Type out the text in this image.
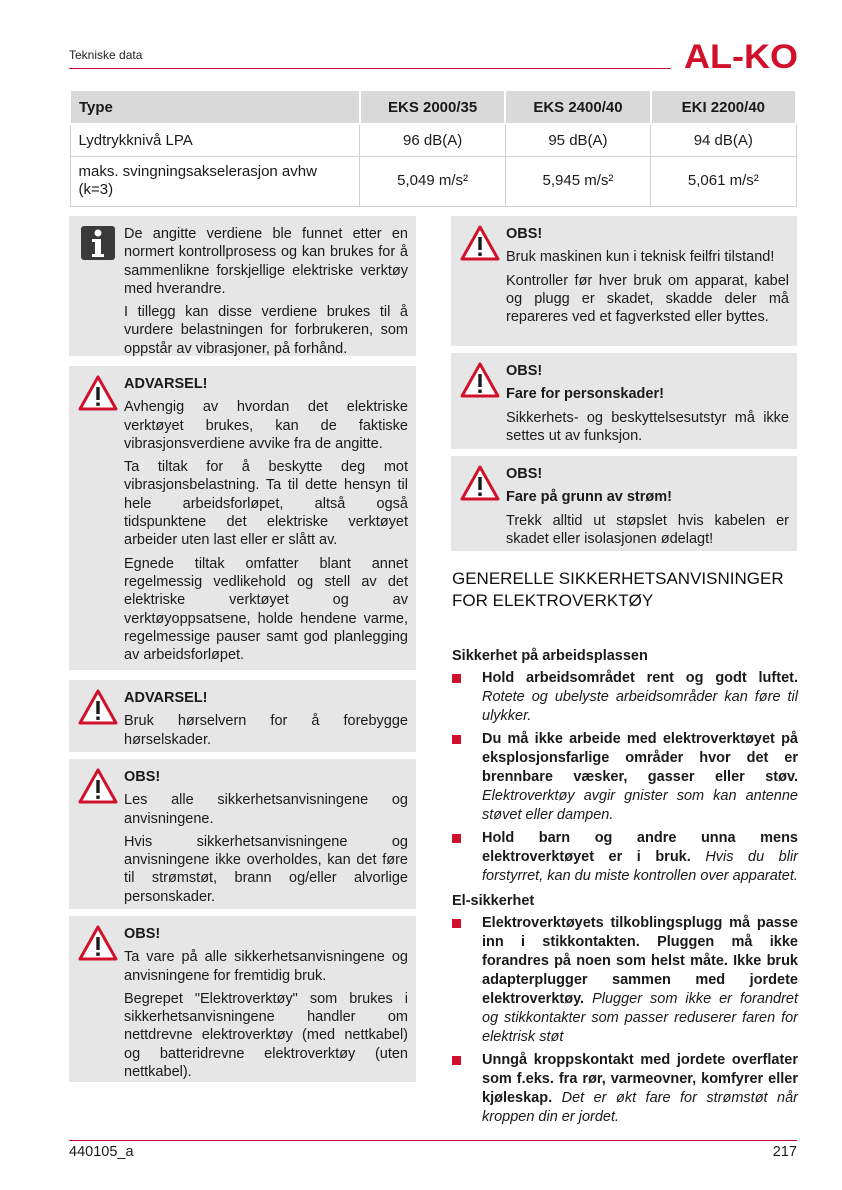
Tekniske data	AL-KO
Type	EKS 2000/35	EKS 2400/40	EKI 2200/40
Lydtrykknivå LPA	96 dB(A)	95 dB(A)	94 dB(A)
maks. svingningsakselerasjon avhw (k=3)	5,049 m/s²	5,945 m/s²	5,061 m/s²

De angitte verdiene ble funnet etter en normert kontrollprosess og kan brukes for å sammenlikne forskjellige elektriske verktøy med hverandre.

I tillegg kan disse verdiene brukes til å vurdere belastningen for forbrukeren, som oppstår av vibrasjoner, på forhånd.

ADVARSEL!

Avhengig av hvordan det elektriske verktøyet brukes, kan de faktiske vibrasjonsverdiene avvike fra de angitte.

Ta tiltak for å beskytte deg mot vibrasjonsbelastning. Ta til dette hensyn til hele arbeidsforløpet, altså også tidspunktene det elektriske verktøyet arbeider uten last eller er slått av.

Egnede tiltak omfatter blant annet regelmessig vedlikehold og stell av det elektriske verktøyet og av verktøyoppsatsene, holde hendene varme, regelmessige pauser samt god planlegging av arbeidsforløpet.

ADVARSEL!

Bruk hørselvern for å forebygge hørselskader.

OBS!

Les alle sikkerhetsanvisningene og anvisningene.

Hvis sikkerhetsanvisningene og anvisningene ikke overholdes, kan det føre til strømstøt, brann og/eller alvorlige personskader.

OBS!

Ta vare på alle sikkerhetsanvisningene og anvisningene for fremtidig bruk.

Begrepet "Elektroverktøy" som brukes i sikkerhetsanvisningene handler om nettdrevne elektroverktøy (med nettkabel) og batteridrevne elektroverktøy (uten nettkabel).

OBS!

Bruk maskinen kun i teknisk feilfri tilstand!

Kontroller før hver bruk om apparat, kabel og plugg er skadet, skadde deler må repareres ved et fagverksted eller byttes.

OBS!

Fare for personskader!

Sikkerhets- og beskyttelsesutstyr må ikke settes ut av funksjon.

OBS!

Fare på grunn av strøm!

Trekk alltid ut støpslet hvis kabelen er skadet eller isolasjonen ødelagt!

GENERELLE SIKKERHETSANVISNINGER FOR ELEKTROVERKTØY
Sikkerhet på arbeidsplassen
Hold arbeidsområdet rent og godt luftet. Rotete og ubelyste arbeidsområder kan føre til ulykker.
Du må ikke arbeide med elektroverktøyet på eksplosjonsfarlige områder hvor det er brennbare væsker, gasser eller støv. Elektroverktøy avgir gnister som kan antenne støvet eller dampen.
Hold barn og andre unna mens elektroverktøyet er i bruk. Hvis du blir forstyrret, kan du miste kontrollen over apparatet.
El-sikkerhet
Elektroverktøyets tilkoblingsplugg må passe inn i stikkontakten. Pluggen må ikke forandres på noen som helst måte. Ikke bruk adapterplugger sammen med jordete elektroverktøy. Plugger som ikke er forandret og stikkontakter som passer reduserer faren for elektrisk støt
Unngå kroppskontakt med jordete overflater som f.eks. fra rør, varmeovner, komfyrer eller kjøleskap. Det er økt fare for strømstøt når kroppen din er jordet.
440105_a	217
